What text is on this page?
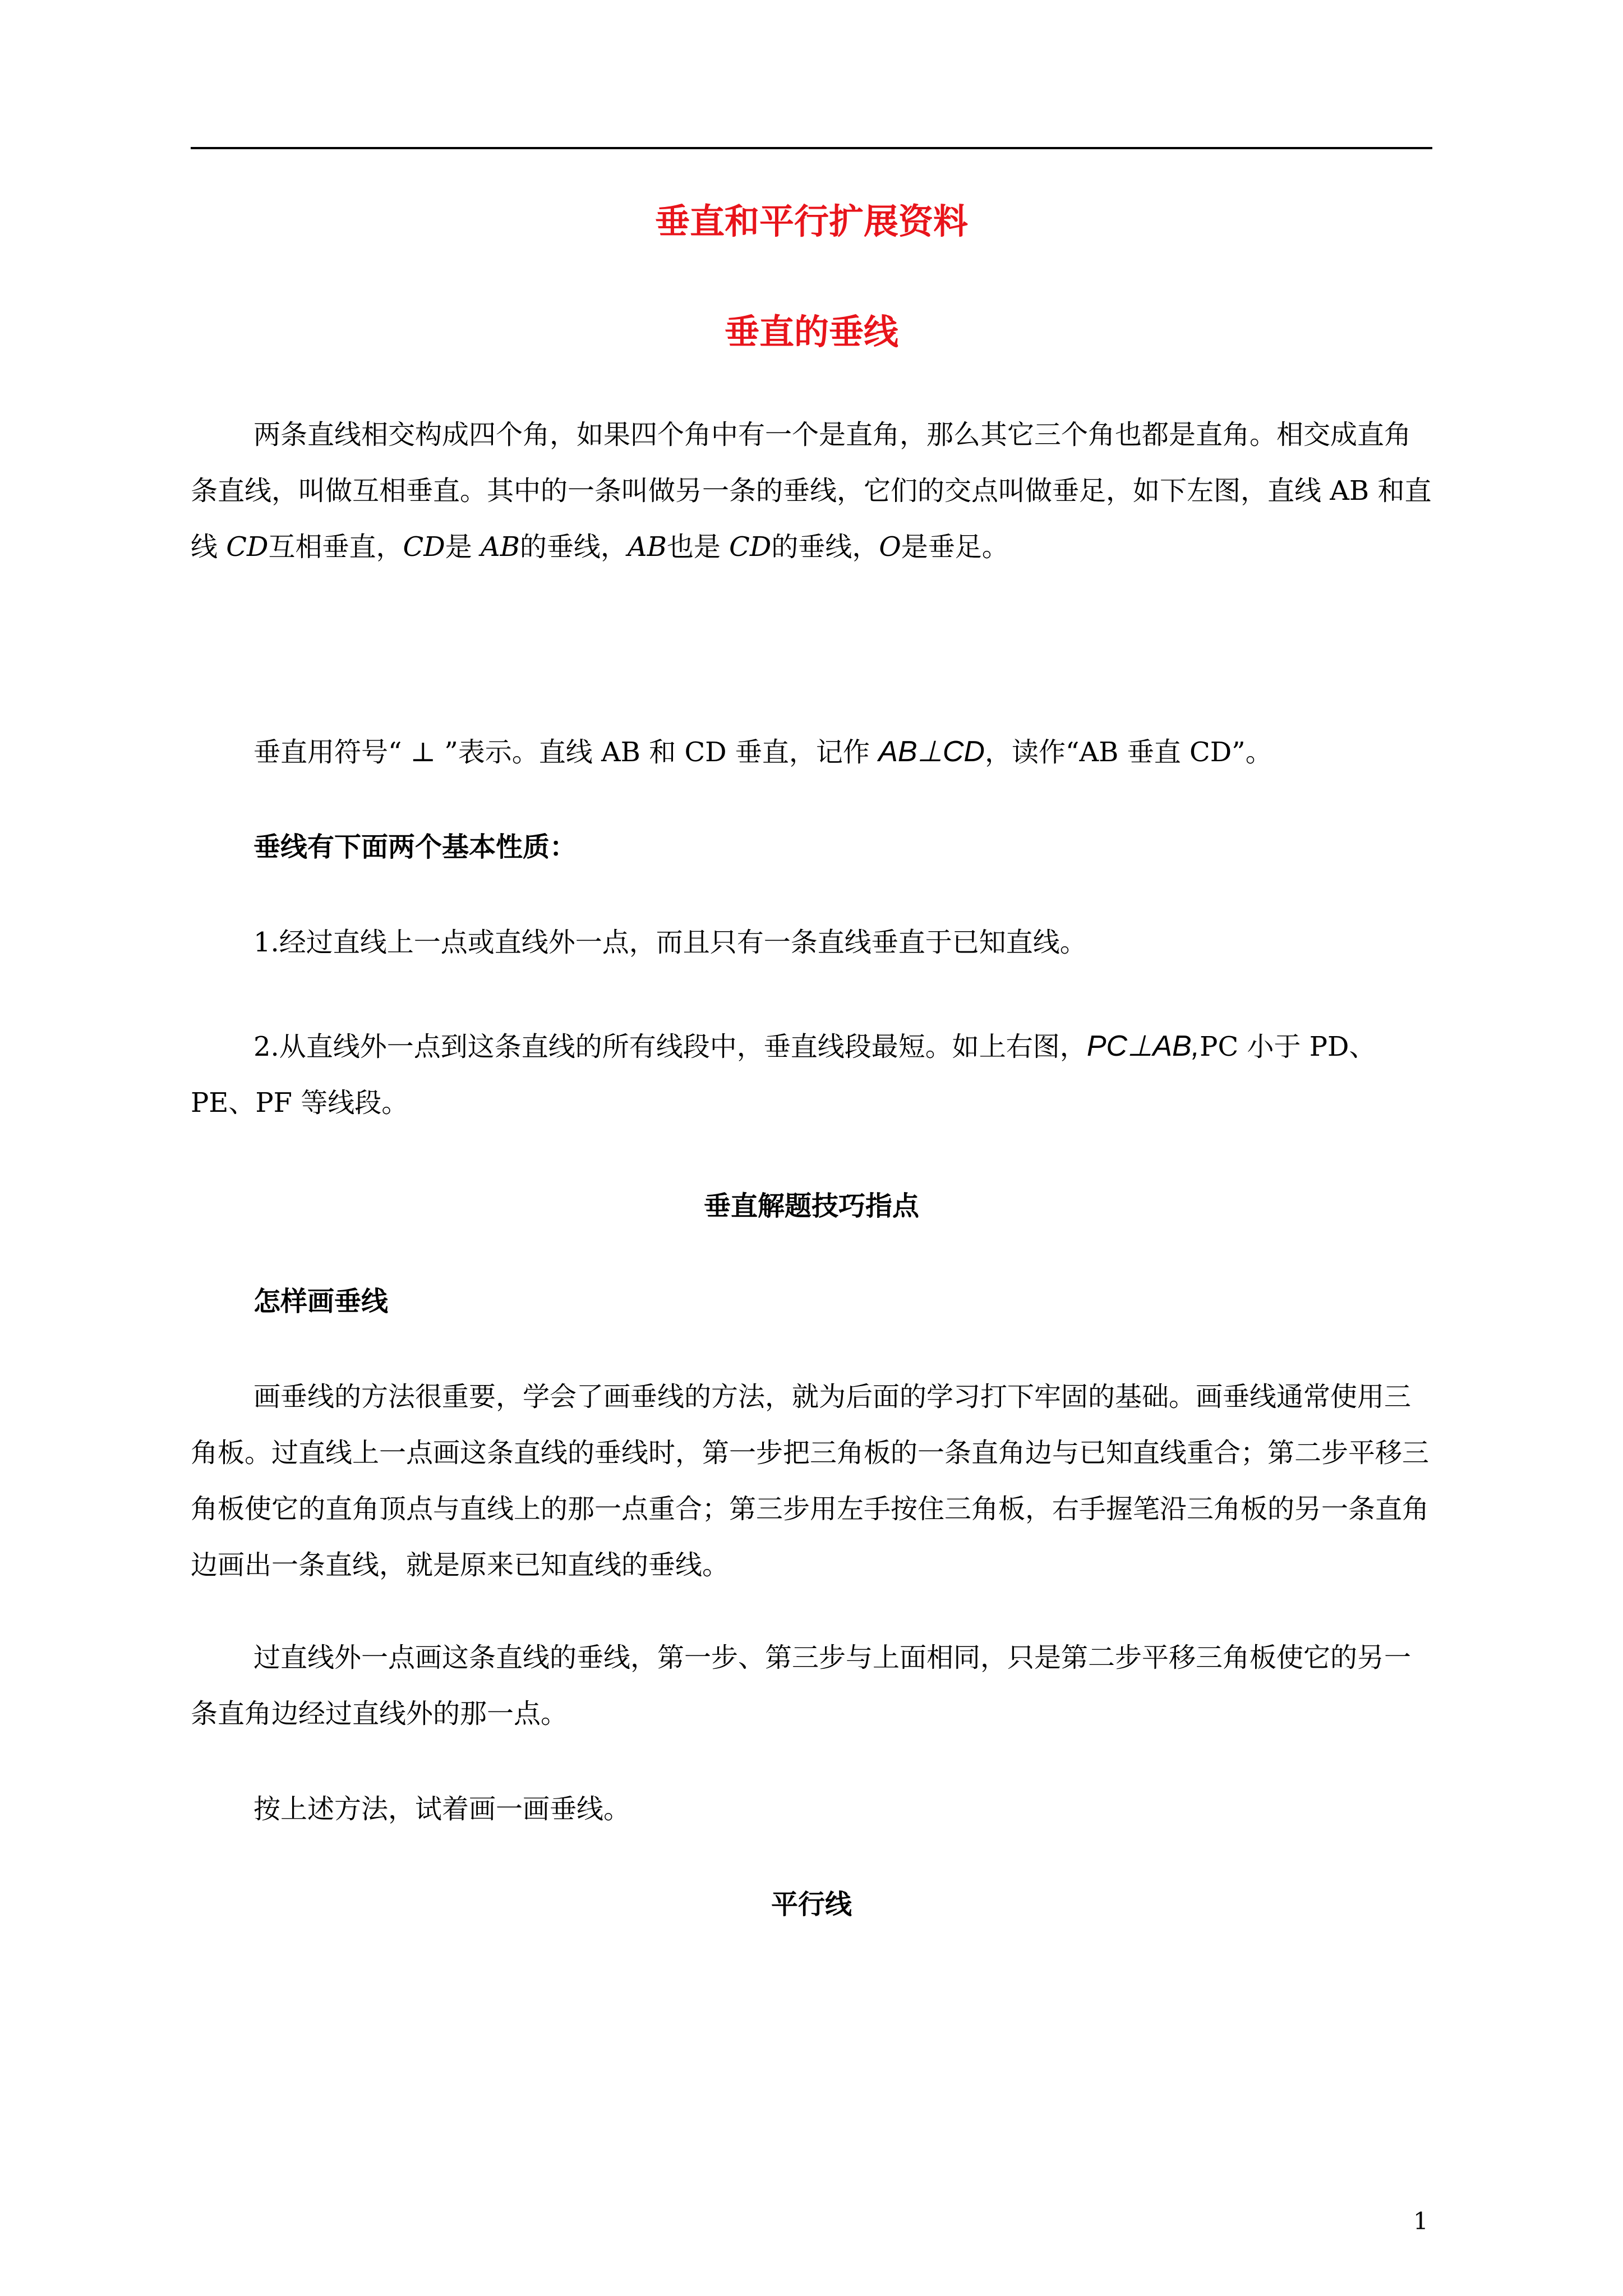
垂直和平行扩展资料
垂直的垂线

两条直线相交构成四个角，如果四个角中有一个是直角，那么其它三个角也都是直角。相交成直角条直线，叫做互相垂直。其中的一条叫做另一条的垂线，它们的交点叫做垂足，如下左图，直线 AB 和直线 CD互相垂直，CD是 AB的垂线，AB也是 CD的垂线，O是垂足。

垂直用符号“ ⊥ ”表示。直线 AB 和 CD 垂直，记作 AB⊥CD，读作“AB 垂直 CD”。

垂线有下面两个基本性质：

1.经过直线上一点或直线外一点，而且只有一条直线垂直于已知直线。

2.从直线外一点到这条直线的所有线段中，垂直线段最短。如上右图，PC⊥AB,PC 小于 PD、PE、PF 等线段。

垂直解题技巧指点

怎样画垂线

画垂线的方法很重要，学会了画垂线的方法，就为后面的学习打下牢固的基础。画垂线通常使用三角板。过直线上一点画这条直线的垂线时，第一步把三角板的一条直角边与已知直线重合；第二步平移三角板使它的直角顶点与直线上的那一点重合；第三步用左手按住三角板，右手握笔沿三角板的另一条直角边画出一条直线，就是原来已知直线的垂线。

过直线外一点画这条直线的垂线，第一步、第三步与上面相同，只是第二步平移三角板使它的另一条直角边经过直线外的那一点。

按上述方法，试着画一画垂线。

平行线

1
